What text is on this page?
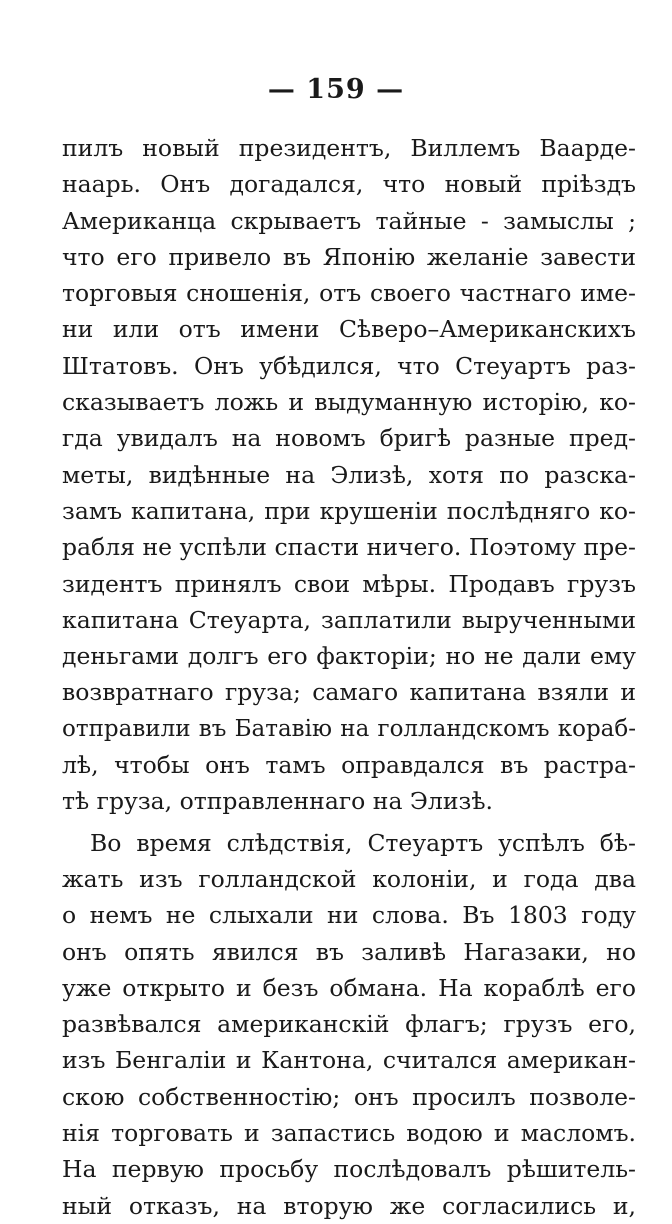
— 159 —
пилъ новый президентъ, Виллемъ Ваарде-
наарь. Онъ догадался, что новый прiѣздъ
Американца скрываетъ тайные - замыслы ;
что его привело въ Японiю желанiе завести
торговыя сношенiя, отъ своего частнаго име-
ни или отъ имени Сѣверо–Американскихъ
Штатовъ. Онъ убѣдился, что Стеуартъ раз-
сказываетъ ложь и выдуманную исторiю, ко-
гда увидалъ на новомъ бригѣ разные пред-
меты, видѣнные на Элизѣ, хотя по разска-
замъ капитана, при крушенiи послѣдняго ко-
рабля не успѣли спасти ничего. Поэтому пре-
зидентъ принялъ свои мѣры. Продавъ грузъ
капитана Стеуарта, заплатили вырученными
деньгами долгъ его факторiи; но не дали ему
возвратнаго груза; самаго капитана взяли и
отправили въ Батавiю на голландскомъ кораб-
лѣ, чтобы онъ тамъ оправдался въ растра-
тѣ груза, отправленнаго на Элизѣ.
Во время слѣдствiя, Стеуартъ успѣлъ бѣ-
жать изъ голландской колонiи, и года два
о немъ не слыхали ни слова. Въ 1803 году
онъ опять явился въ заливѣ Нагазаки, но
уже открыто и безъ обмана. На кораблѣ его
развѣвался американскiй флагъ; грузъ его,
изъ Бенгалiи и Кантона, считался американ-
скою собственностiю; онъ просилъ позволе-
нiя торговать и запастись водою и масломъ.
На первую просьбу послѣдовалъ рѣшитель-
ный отказъ, на вторую же согласились и,
